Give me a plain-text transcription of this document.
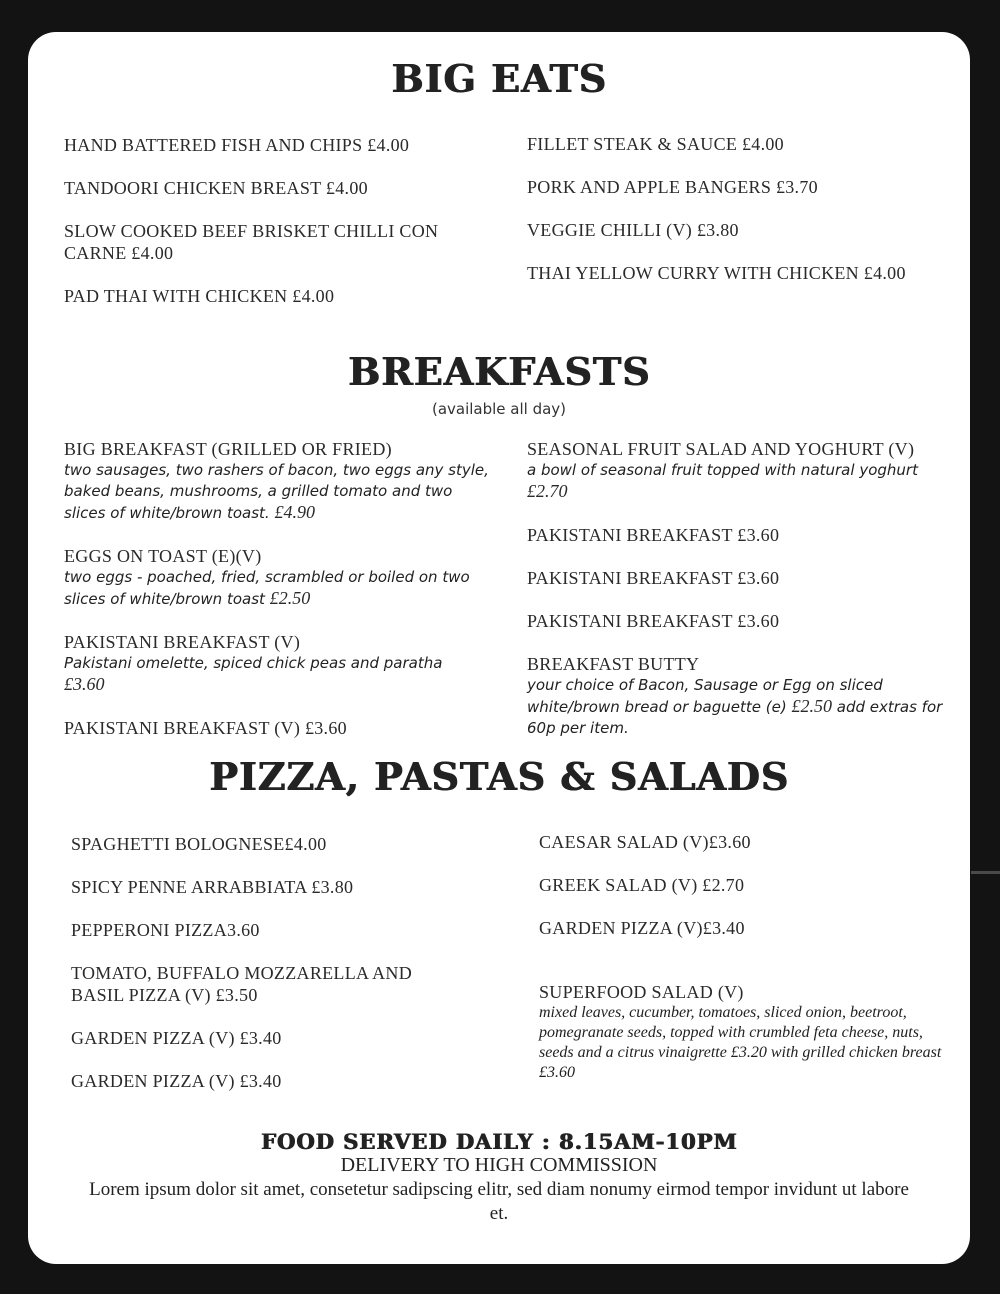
BIG EATS
HAND BATTERED FISH AND CHIPS £4.00
TANDOORI CHICKEN BREAST £4.00
SLOW COOKED BEEF BRISKET CHILLI CON CARNE £4.00
PAD THAI WITH CHICKEN £4.00
FILLET STEAK & SAUCE £4.00
PORK AND APPLE BANGERS £3.70
VEGGIE CHILLI (V) £3.80
THAI YELLOW CURRY WITH CHICKEN £4.00
BREAKFASTS
(available all day)
BIG BREAKFAST (GRILLED OR FRIED)
two sausages, two rashers of bacon, two eggs any style, baked beans, mushrooms, a grilled tomato and two slices of white/brown toast. £4.90
EGGS ON TOAST (E)(V)
two eggs - poached, fried, scrambled or boiled on two slices of white/brown toast £2.50
PAKISTANI BREAKFAST (V)
Pakistani omelette, spiced chick peas and paratha
£3.60
PAKISTANI BREAKFAST (V) £3.60
SEASONAL FRUIT SALAD AND YOGHURT (V)
a bowl of seasonal fruit topped with natural yoghurt
£2.70
PAKISTANI BREAKFAST £3.60
PAKISTANI BREAKFAST £3.60
PAKISTANI BREAKFAST £3.60
BREAKFAST BUTTY
your choice of Bacon, Sausage or Egg on sliced white/brown bread or baguette (e) £2.50 add extras for 60p per item.
PIZZA, PASTAS & SALADS
SPAGHETTI BOLOGNESE£4.00
SPICY PENNE ARRABBIATA £3.80
PEPPERONI PIZZA3.60
TOMATO, BUFFALO MOZZARELLA AND BASIL PIZZA (V) £3.50
GARDEN PIZZA (V) £3.40
GARDEN PIZZA (V) £3.40
CAESAR SALAD (V)£3.60
GREEK SALAD (V) £2.70
GARDEN PIZZA (V)£3.40
SUPERFOOD SALAD (V)
mixed leaves, cucumber, tomatoes, sliced onion, beetroot, pomegranate seeds, topped with crumbled feta cheese, nuts, seeds and a citrus vinaigrette £3.20 with grilled chicken breast £3.60
FOOD SERVED DAILY : 8.15AM-10PM
DELIVERY TO HIGH COMMISSION
Lorem ipsum dolor sit amet, consetetur sadipscing elitr, sed diam nonumy eirmod tempor invidunt ut labore et.
